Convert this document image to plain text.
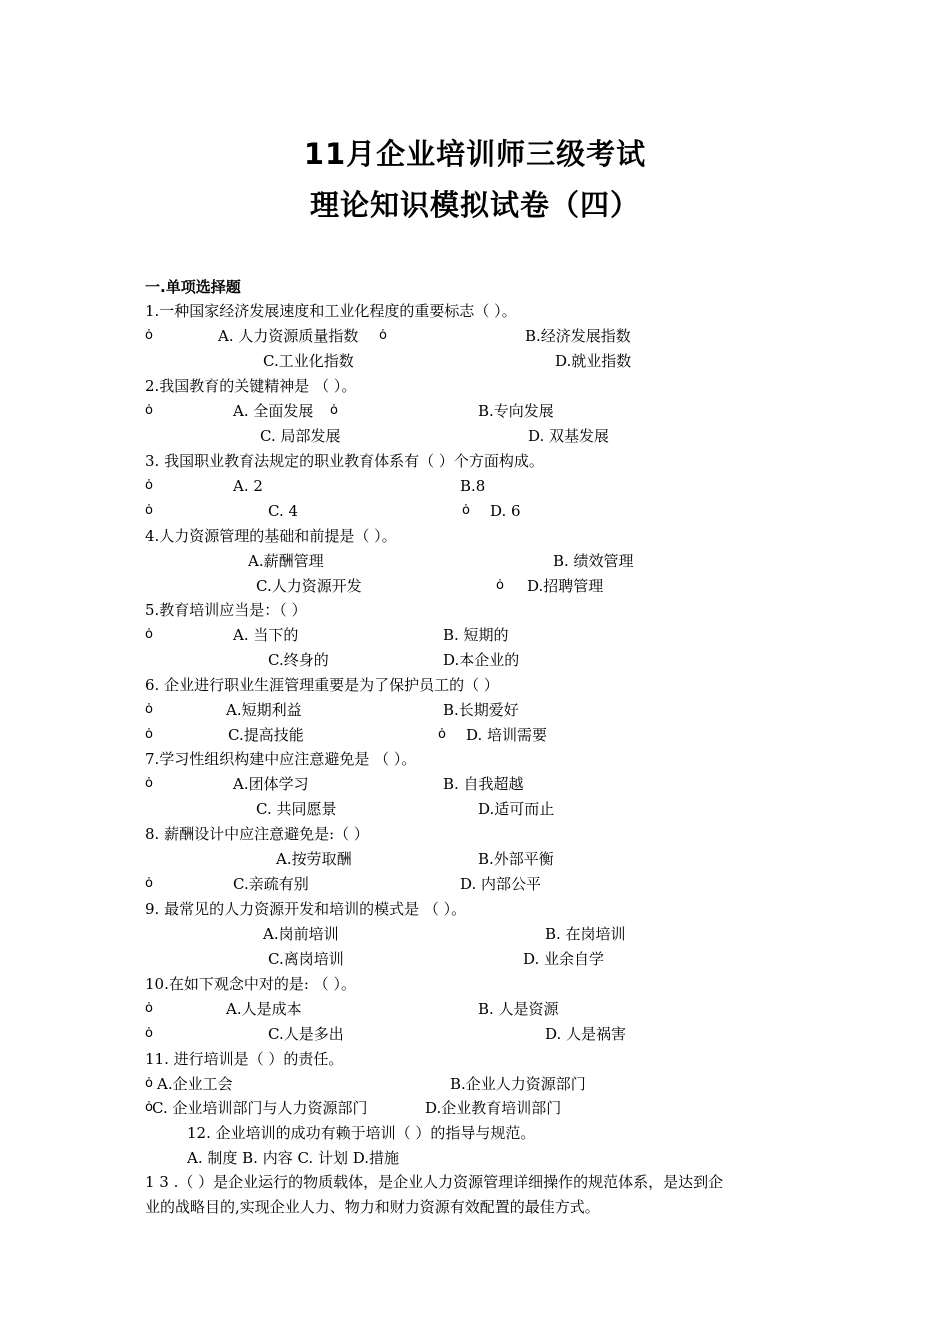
11月企业培训师三级考试
理论知识模拟试卷（四）
一.单项选择题
1.一种国家经济发展速度和工业化程度的重要标志（ ）。
A. 人力资源质量指数	B.经济发展指数
C.工业化指数	D.就业指数
2.我国教育的关键精神是 （ ）。
A. 全面发展	B.专向发展
C. 局部发展	D. 双基发展
3. 我国职业教育法规定的职业教育体系有（ ）个方面构成。
A. 2	B.8
C. 4	D. 6
4.人力资源管理的基础和前提是（ ）。
A.薪酬管理	B. 绩效管理
C.人力资源开发	D.招聘管理
5.教育培训应当是：（ ）
A. 当下的	B. 短期的
C.终身的	D.本企业的
6. 企业进行职业生涯管理重要是为了保护员工的（ ）
A.短期利益	B.长期爱好
C.提高技能	D. 培训需要
7.学习性组织构建中应注意避免是 （ ）。
A.团体学习	B. 自我超越
C. 共同愿景	D.适可而止
8. 薪酬设计中应注意避免是:（ ）
A.按劳取酬	B.外部平衡
C.亲疏有别	D. 内部公平
9. 最常见的人力资源开发和培训的模式是 （ ）。
A.岗前培训	B. 在岗培训
C.离岗培训	D. 业余自学
10.在如下观念中对的是: （ ）。
A.人是成本	B. 人是资源
C.人是多出	D. 人是祸害
11. 进行培训是（ ）的责任。
A.企业工会	B.企业人力资源部门
C. 企业培训部门与人力资源部门	D.企业教育培训部门
12. 企业培训的成功有赖于培训（ ）的指导与规范。
A. 制度 B. 内容 C. 计划 D.措施
1 3 .（ ）是企业运行的物质载体，是企业人力资源管理详细操作的规范体系，是达到企
业的战略目的,实现企业人力、物力和财力资源有效配置的最佳方式。
ȯ	ȯ
ȯ	ȯ
ȯ
ȯ	ȯ
ȯ
ȯ
ȯ
ȯ	ȯ
ȯ
ȯ
ȯ
ȯ
ȯ
ȯ
